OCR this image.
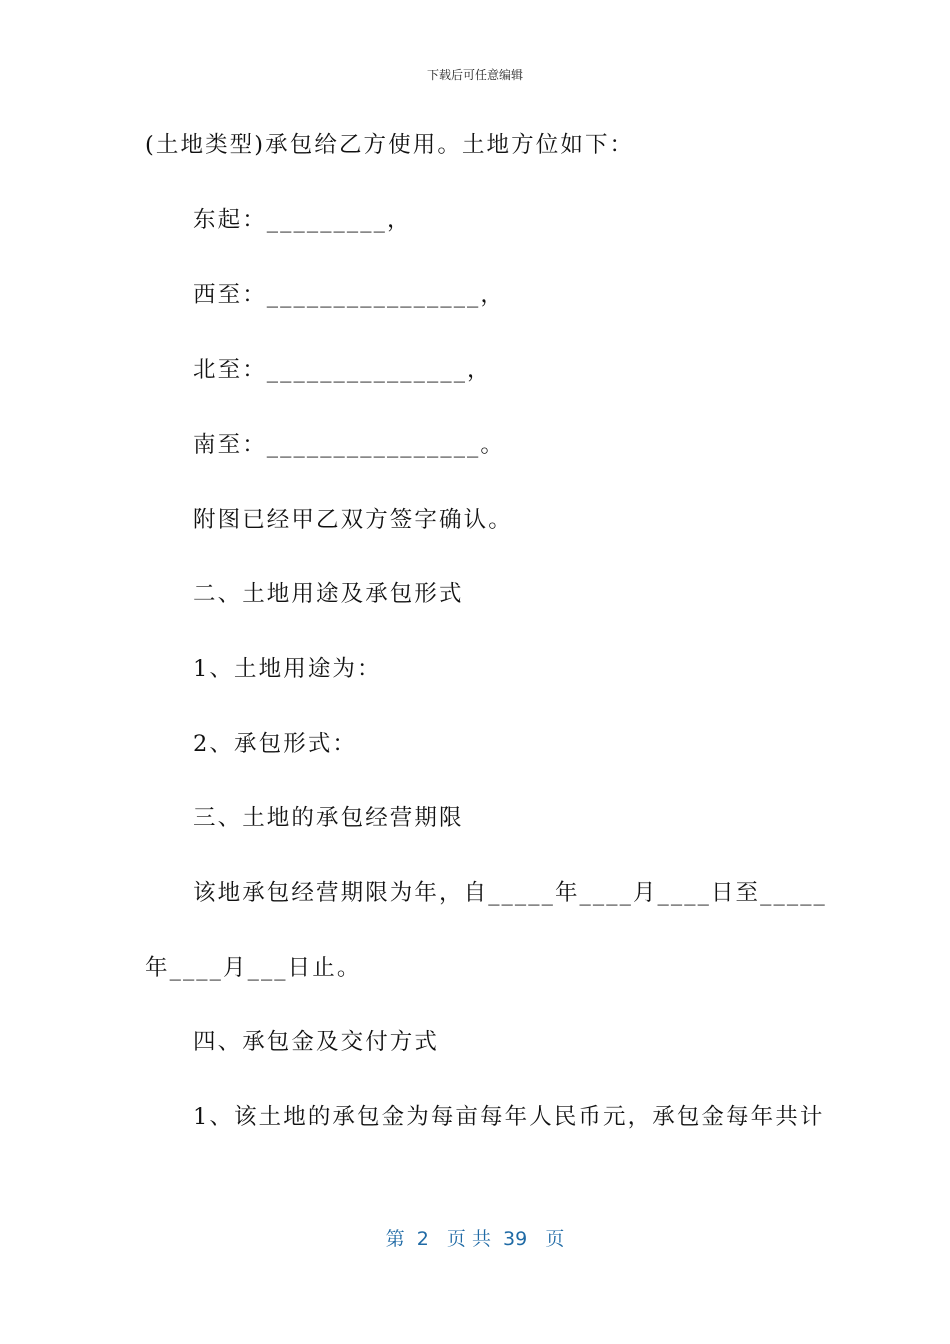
下载后可任意编辑
(土地类型)承包给乙方使用。土地方位如下：
东起：_________，
西至：________________，
北至：_______________，
南至：________________。
附图已经甲乙双方签字确认。
二、土地用途及承包形式
1、土地用途为：
2、承包形式：
三、土地的承包经营期限
该地承包经营期限为年，自_____年____月____日至_____
年____月___日止。
四、承包金及交付方式
1、该土地的承包金为每亩每年人民币元，承包金每年共计
第  2   页 共  39   页
